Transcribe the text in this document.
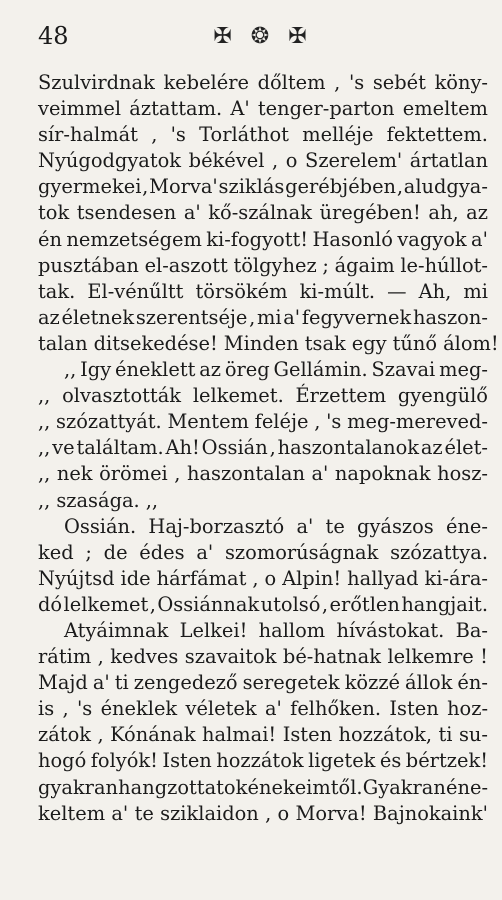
48	✠ ❂ ✠
Szulvirdnak kebelére dőltem , 's sebét köny-
veimmel áztattam. A' tenger-parton emeltem
sír-halmát , 's Torláthot melléje fektettem.
Nyúgodgyatok békével , o Szerelem' ártatlan
gyermekei , Morva' sziklás gerébjében , aludgya-
tok tsendesen a' kő-szálnak üregében! ah, az
én nemzetségem ki-fogyott! Hasonló vagyok a'
pusztában el-aszott tölgyhez ; ágaim le-húllot-
tak. El-vénűltt törsökém ki-múlt. — Ah, mi
az életnek szerentséje , mi a' fegyvernek haszon-
talan ditsekedése! Minden tsak egy tűnő álom!
,, Igy éneklett az öreg Gellámin. Szavai meg-
,, olvasztották lelkemet. Érzettem gyengülő
,, szózattyát. Mentem feléje , 's meg-mereved-
,, ve találtam. Ah! Ossián , haszontalanok az élet-
,, nek örömei , haszontalan a' napoknak hosz-
,, szasága. ,,
Ossián. Haj-borzasztó a' te gyászos éne-
ked ; de édes a' szomorúságnak szózattya.
Nyújtsd ide hárfámat , o Alpin! hallyad ki-ára-
dó lelkemet , Ossiánnak utolsó , erőtlen hangjait.
Atyáimnak Lelkei! hallom hívástokat. Ba-
rátim , kedves szavaitok bé-hatnak lelkemre !
Majd a' ti zengedező seregetek közzé állok én-
is , 's éneklek véletek a' felhőken. Isten hoz-
zátok , Kónának halmai! Isten hozzátok, ti su-
hogó folyók! Isten hozzátok ligetek és bértzek!
gyakran hangzottatok énekeimtől. Gyakran éne-
keltem a' te sziklaidon , o Morva! Bajnokaink'
